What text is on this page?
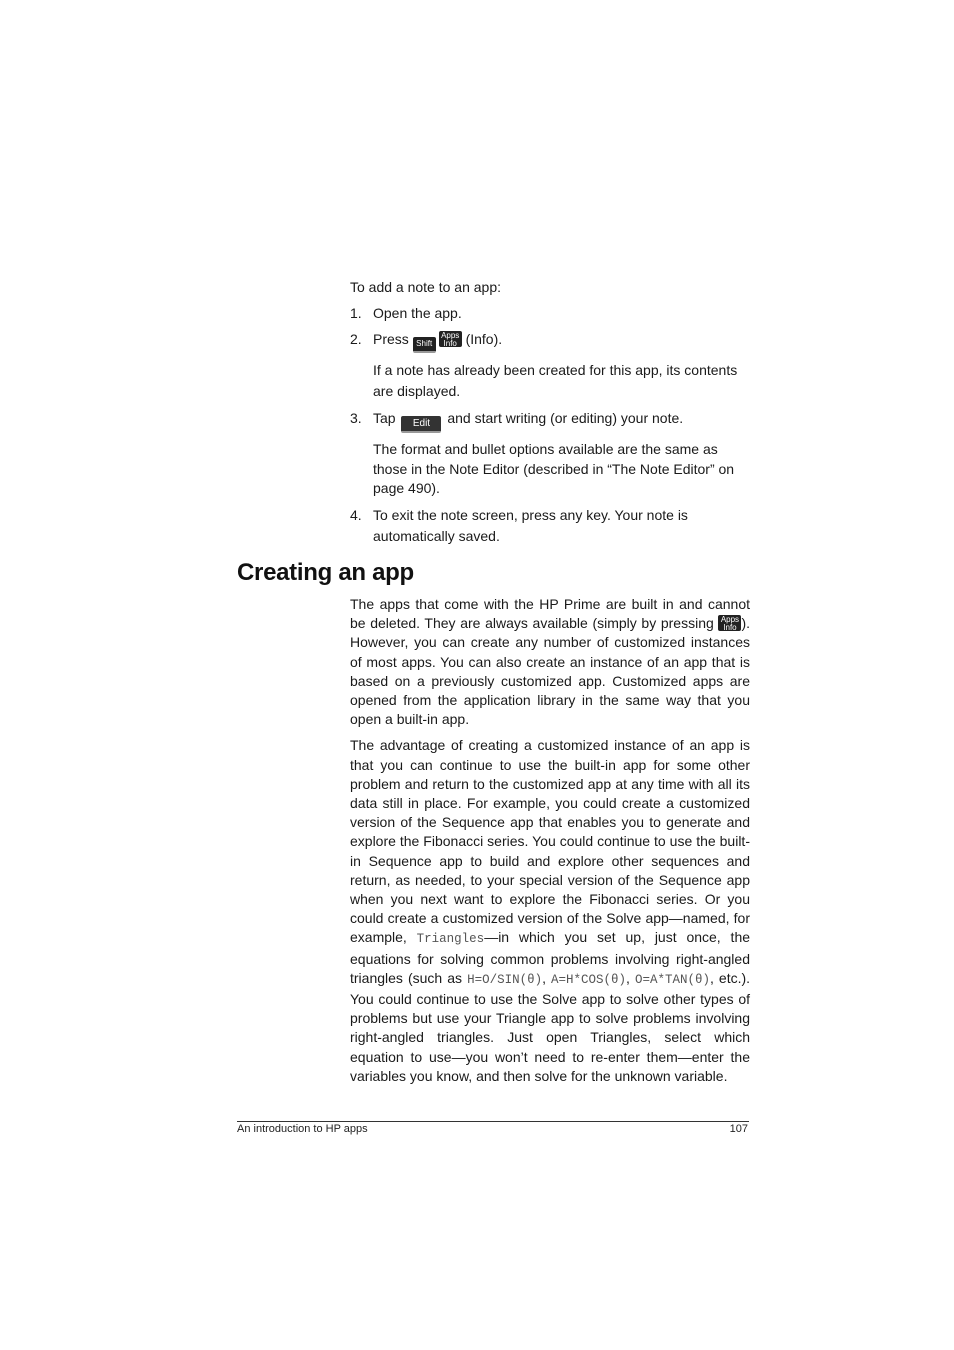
To add a note to an app:
1. Open the app.
2. Press Shift
Apps
Info (Info).
If a note has already been created for this app, its contents are displayed.
3. Tap Edit and start writing (or editing) your note.
The format and bullet options available are the same as those in the Note Editor (described in “The Note Editor” on page 490).
4. To exit the note screen, press any key. Your note is automatically saved.
Creating an app

The apps that come with the HP Prime are built in and cannot be deleted. They are always available (simply by pressing Apps
Info ). However, you can create any number of customized instances of most apps. You can also create an instance of an app that is based on a previously customized app. Customized apps are opened from the application library in the same way that you open a built-in app.

The advantage of creating a customized instance of an app is that you can continue to use the built-in app for some other problem and return to the customized app at any time with all its data still in place. For example, you could create a customized version of the Sequence app that enables you to generate and explore the Fibonacci series. You could continue to use the built-in Sequence app to build and explore other sequences and return, as needed, to your special version of the Sequence app when you next want to explore the Fibonacci series. Or you could create a customized version of the Solve app—named, for example, Triangles—in which you set up, just once, the equations for solving common problems involving right-angled triangles (such as H=O/SIN(θ), A=H*COS(θ), O=A*TAN(θ), etc.). You could continue to use the Solve app to solve other types of problems but use your Triangle app to solve problems involving right-angled triangles. Just open Triangles, select which equation to use—you won’t need to re-enter them—enter the variables you know, and then solve for the unknown variable.

An introduction to HP apps	107
